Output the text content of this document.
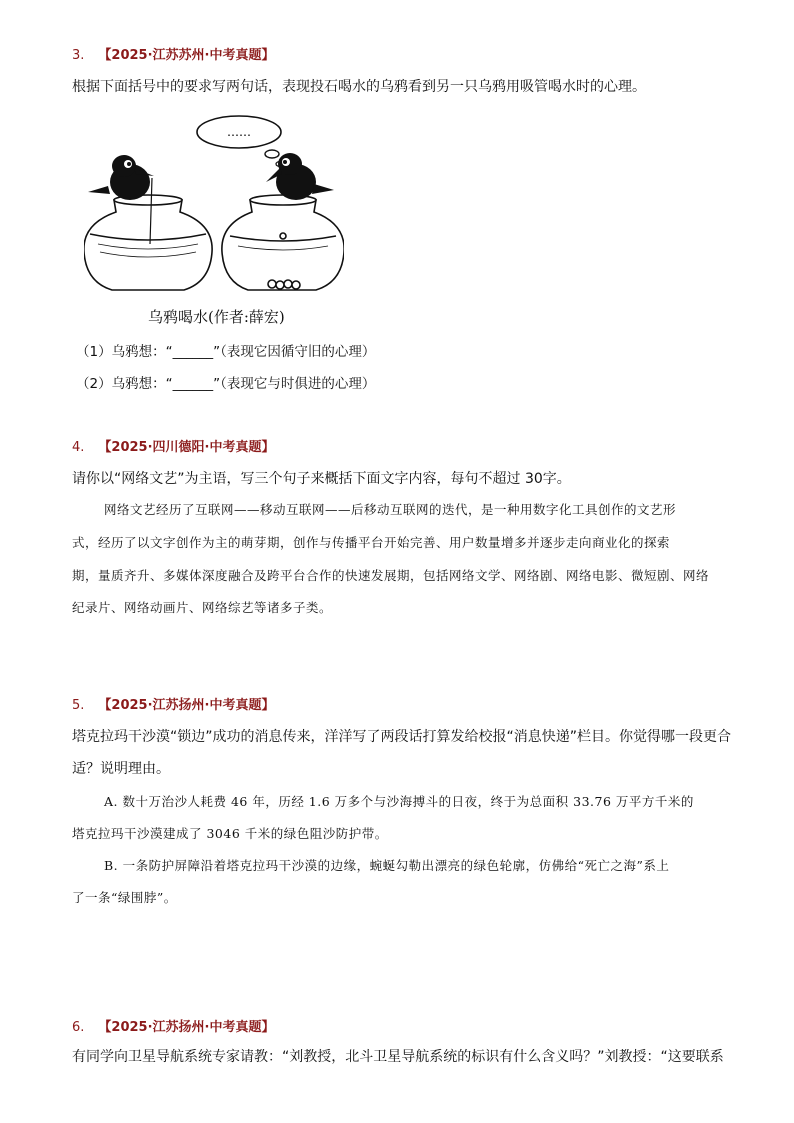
3. 【2025·江苏苏州·中考真题】
根据下面括号中的要求写两句话，表现投石喝水的乌鸦看到另一只乌鸦用吸管喝水时的心理。
……
乌鸦喝水(作者:薛宏)
（1）乌鸦想：“______”（表现它因循守旧的心理）
（2）乌鸦想：“______”（表现它与时俱进的心理）
4. 【2025·四川德阳·中考真题】
请你以“网络文艺”为主语，写三个句子来概括下面文字内容，每句不超过 30字。
网络文艺经历了互联网——移动互联网——后移动互联网的迭代，是一种用数字化工具创作的文艺形
式，经历了以文字创作为主的萌芽期，创作与传播平台开始完善、用户数量增多并逐步走向商业化的探索
期，量质齐升、多媒体深度融合及跨平台合作的快速发展期，包括网络文学、网络剧、网络电影、微短剧、网络
纪录片、网络动画片、网络综艺等诸多子类。
5. 【2025·江苏扬州·中考真题】
塔克拉玛干沙漠“锁边”成功的消息传来，洋洋写了两段话打算发给校报“消息快递”栏目。你觉得哪一段更合
适？说明理由。
A. 数十万治沙人耗费 46 年，历经 1.6 万多个与沙海搏斗的日夜，终于为总面积 33.76 万平方千米的
塔克拉玛干沙漠建成了 3046 千米的绿色阻沙防护带。
B. 一条防护屏障沿着塔克拉玛干沙漠的边缘，蜿蜒勾勒出漂亮的绿色轮廓，仿佛给“死亡之海”系上
了一条“绿围脖”。
6. 【2025·江苏扬州·中考真题】
有同学向卫星导航系统专家请教：“刘教授，北斗卫星导航系统的标识有什么含义吗？”刘教授：“这要联系
